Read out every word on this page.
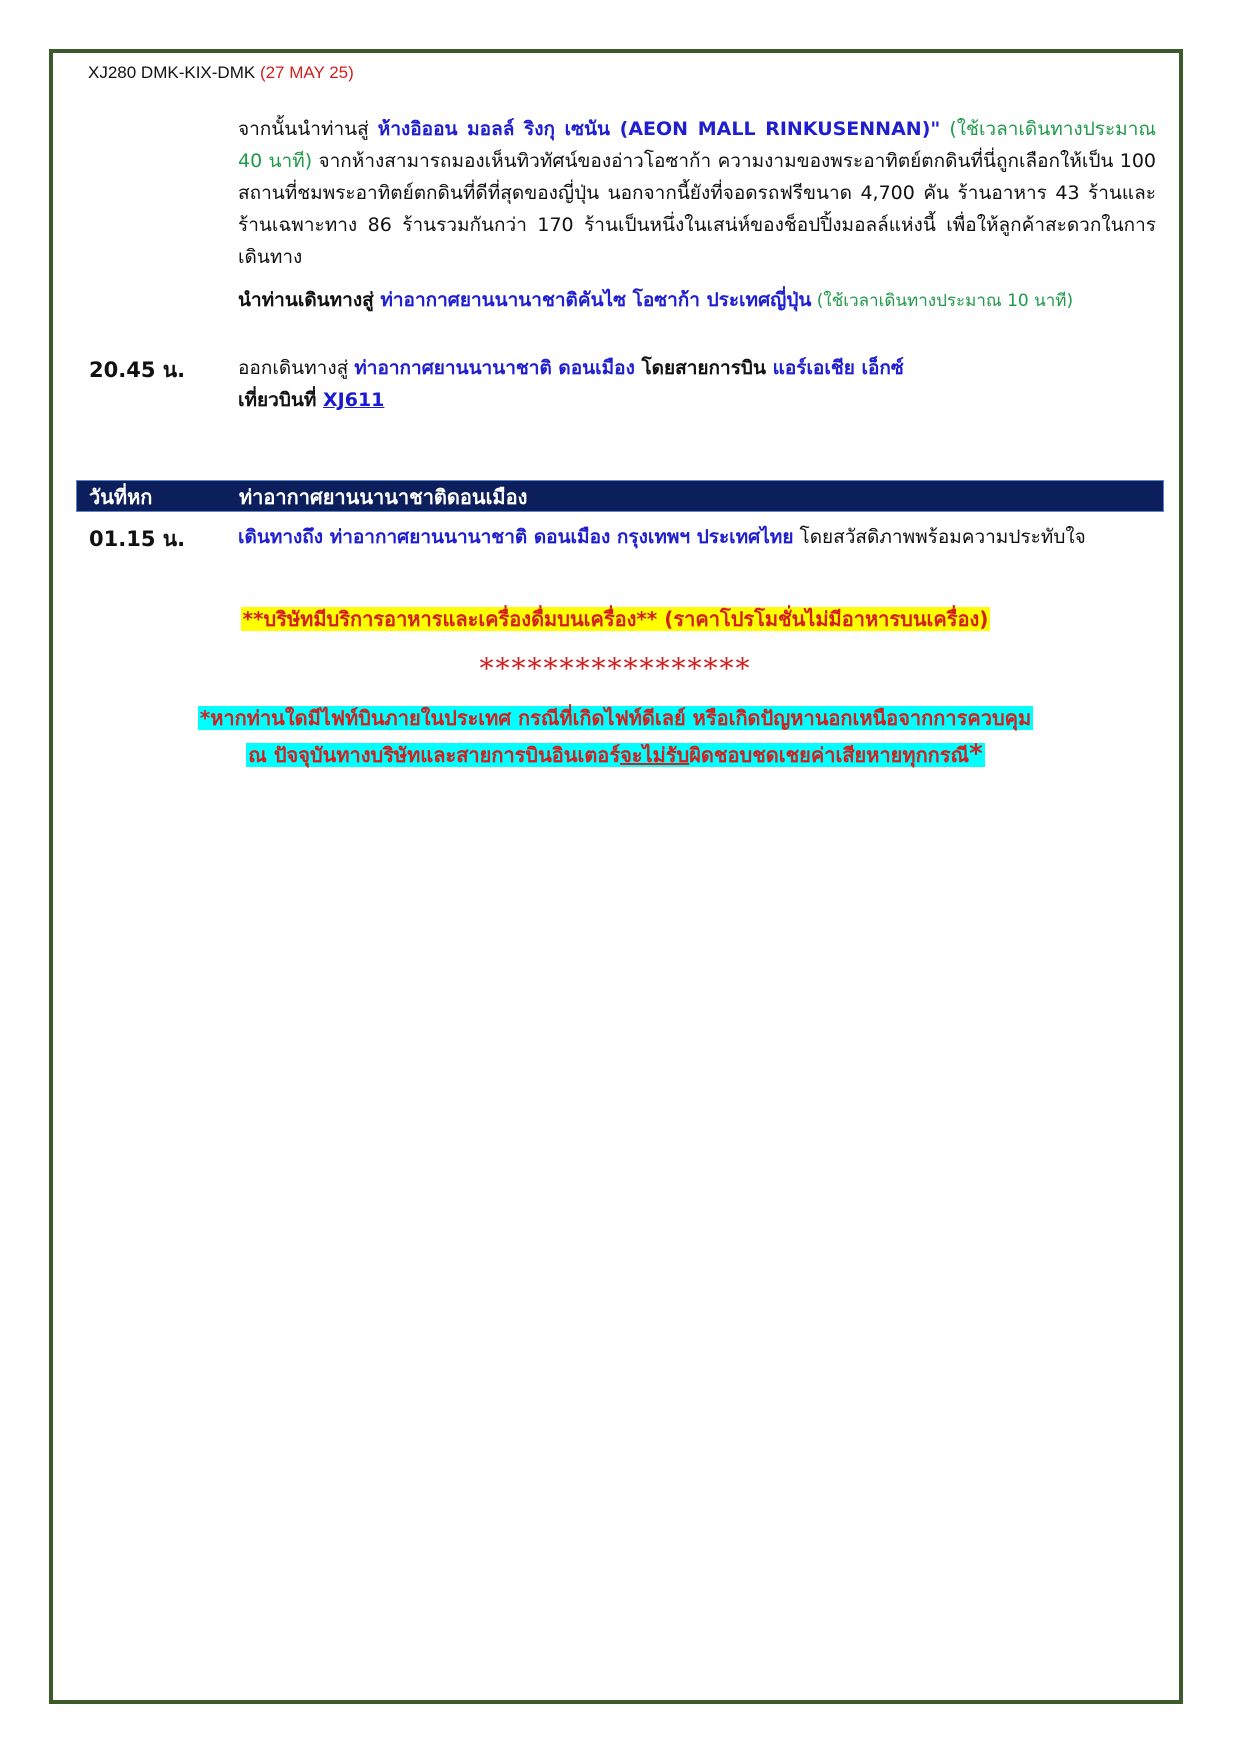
XJ280 DMK-KIX-DMK (27 MAY 25)
จากนั้นนำท่านสู่ ห้างอิออน มอลล์ ริงกุ เซนัน (AEON MALL RINKUSENNAN)" (ใช้เวลาเดินทางประมาณ 40 นาที) จากห้างสามารถมองเห็นทิวทัศน์ของอ่าวโอซาก้า ความงามของพระอาทิตย์ตกดินที่นี่ถูกเลือกให้เป็น 100 สถานที่ชมพระอาทิตย์ตกดินที่ดีที่สุดของญี่ปุ่น นอกจากนี้ยังที่จอดรถฟรีขนาด 4,700 คัน ร้านอาหาร 43 ร้านและร้านเฉพาะทาง 86 ร้านรวมกันกว่า 170 ร้านเป็นหนึ่งในเสน่ห์ของช็อปปิ้งมอลล์แห่งนี้ เพื่อให้ลูกค้าสะดวกในการเดินทาง
นำท่านเดินทางสู่ ท่าอากาศยานนานาชาติคันไซ โอซาก้า ประเทศญี่ปุ่น (ใช้เวลาเดินทางประมาณ 10 นาที)
20.45 น.	ออกเดินทางสู่ ท่าอากาศยานนานาชาติ ดอนเมือง โดยสายการบิน แอร์เอเชีย เอ็กซ์
เที่ยวบินที่ XJ611
วันที่หก	ท่าอากาศยานนานาชาติดอนเมือง
01.15 น.	เดินทางถึง ท่าอากาศยานนานาชาติ ดอนเมือง กรุงเทพฯ ประเทศไทย โดยสวัสดิภาพพร้อมความประทับใจ
**บริษัทมีบริการอาหารและเครื่องดื่มบนเครื่อง** (ราคาโปรโมชั่นไม่มีอาหารบนเครื่อง)
*****************
*หากท่านใดมีไฟท์บินภายในประเทศ กรณีที่เกิดไฟท์ดีเลย์ หรือเกิดปัญหานอกเหนือจากการควบคุม
ณ ปัจจุบันทางบริษัทและสายการบินอินเตอร์จะไม่รับผิดชอบชดเชยค่าเสียหายทุกกรณี*
